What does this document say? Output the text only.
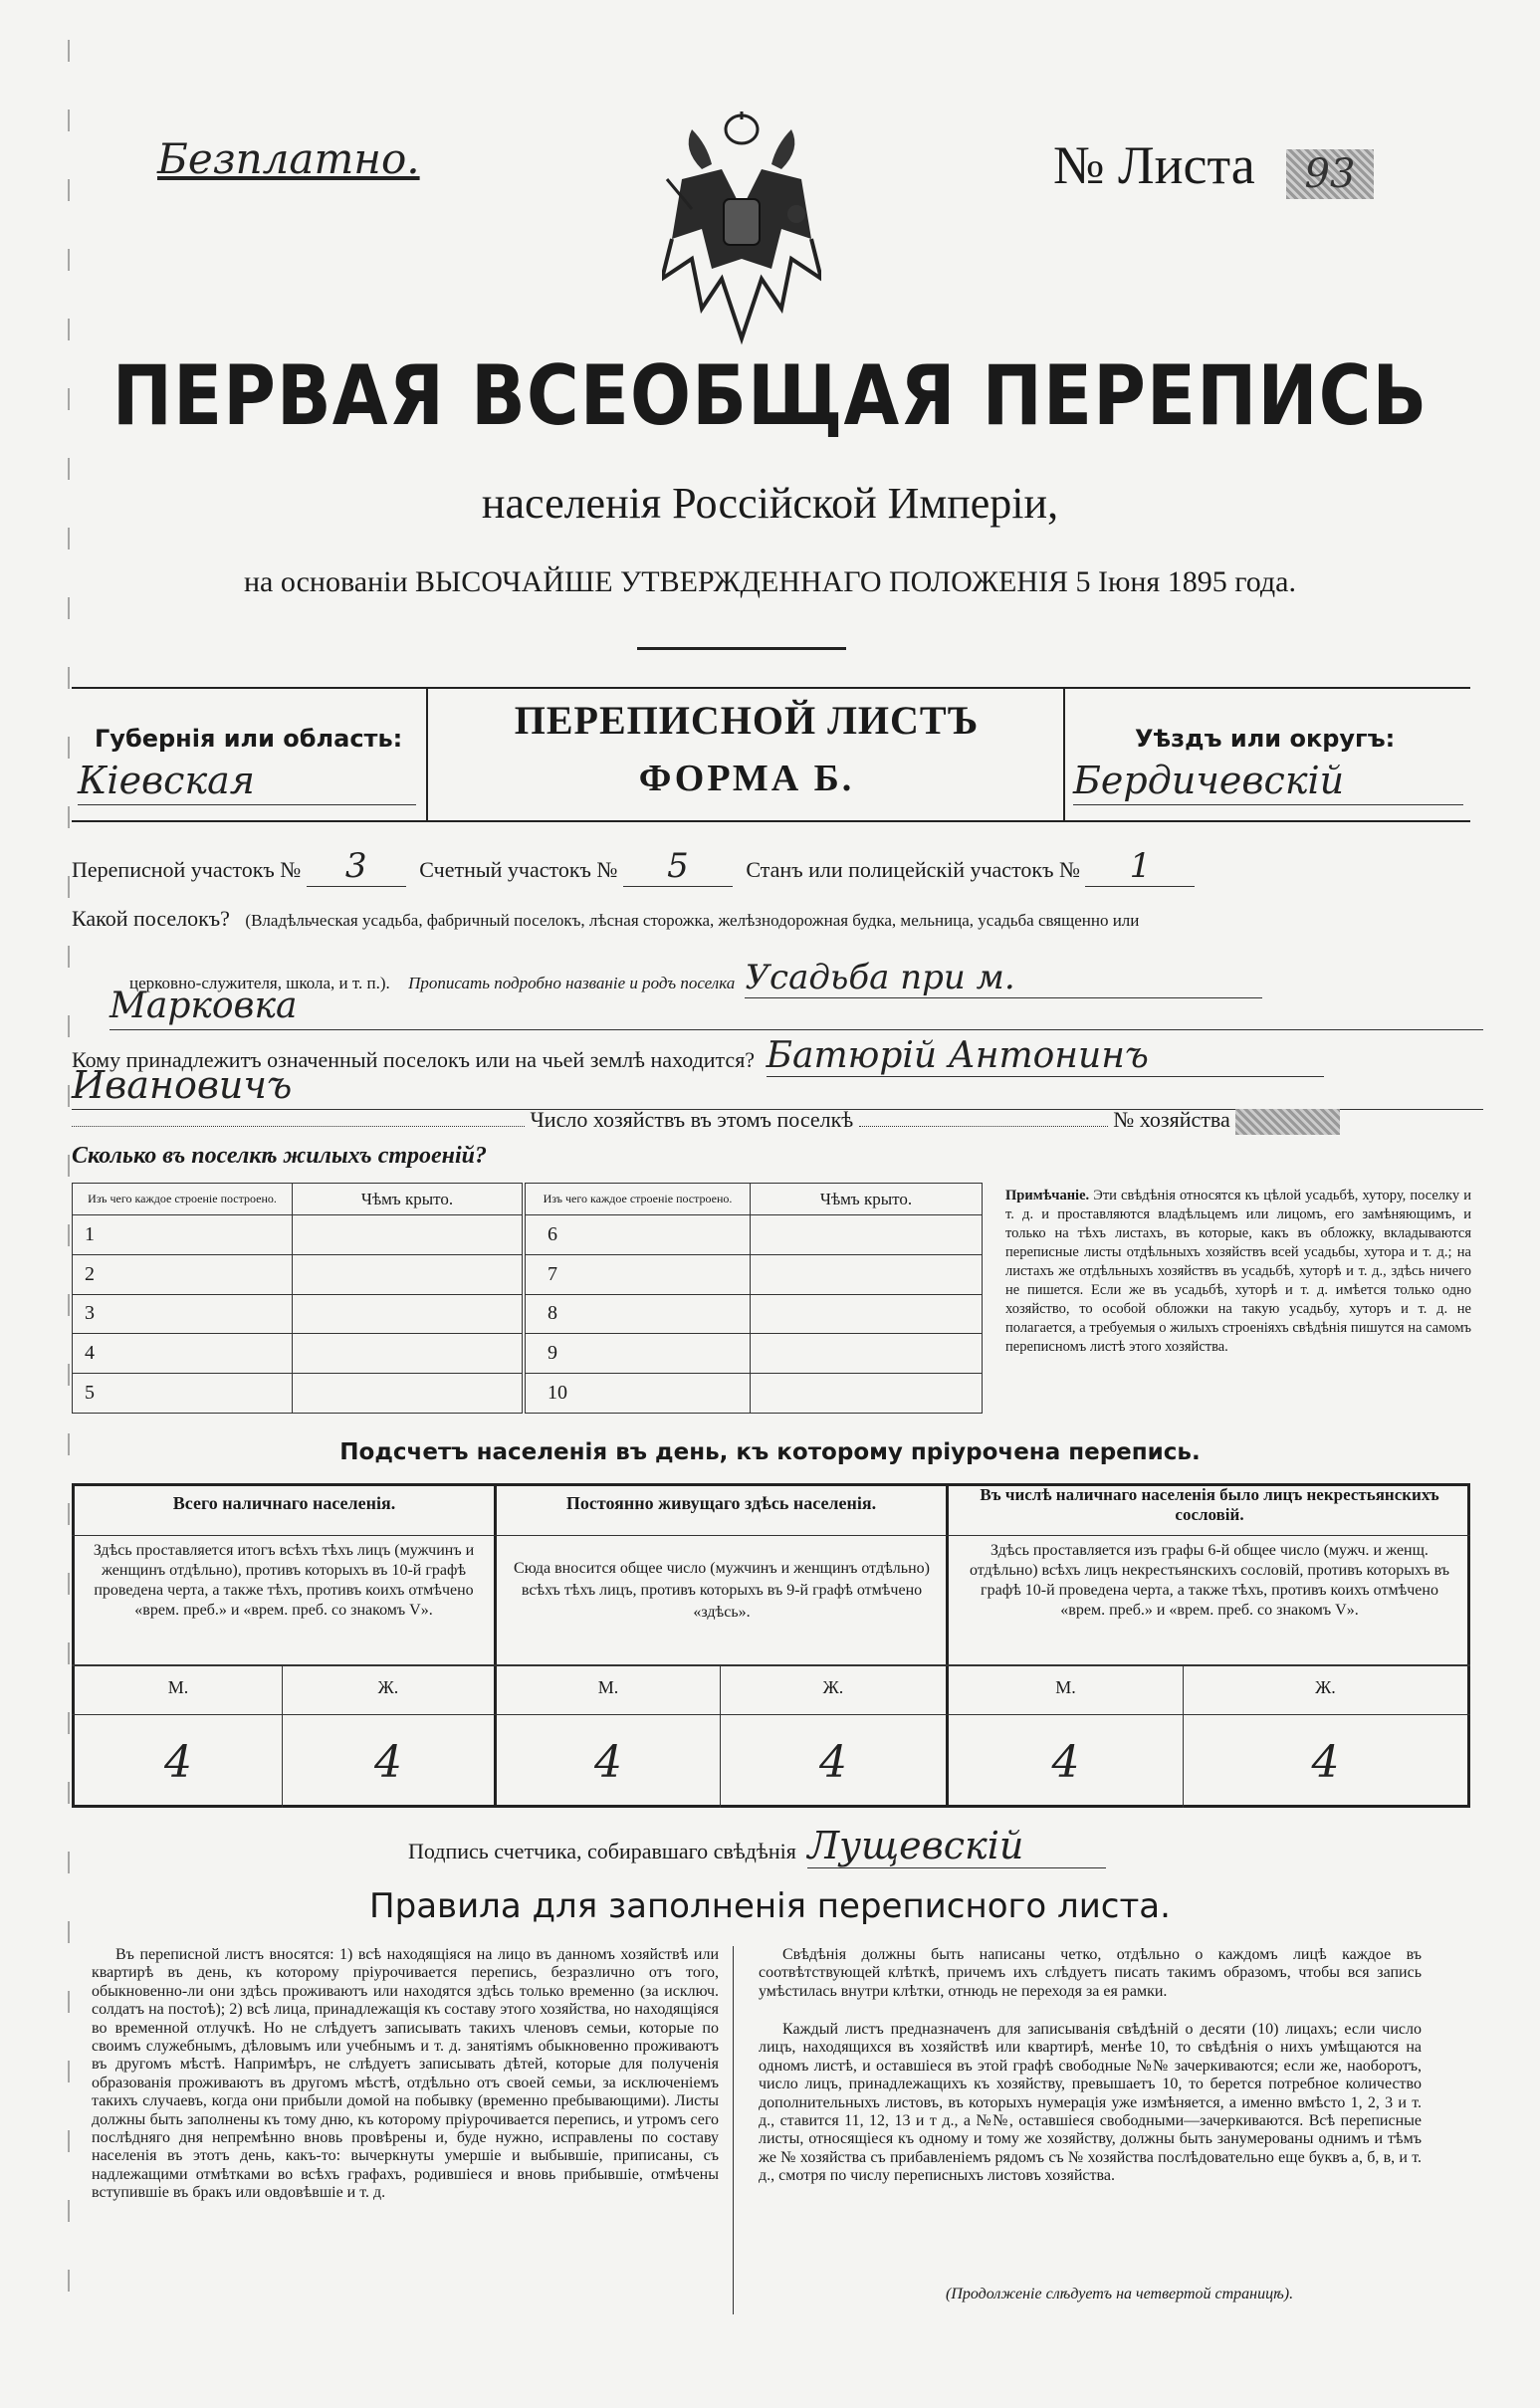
Безплатно.	№ Листа	93
ПЕРВАЯ ВСЕОБЩАЯ ПЕРЕПИСЬ
населенія Россійской Имперіи,
на основаніи ВЫСОЧАЙШЕ УТВЕРЖДЕННАГО ПОЛОЖЕНІЯ 5 Іюня 1895 года.
Губернія или область:
Кіевская
ПЕРЕПИСНОЙ ЛИСТЪ
ФОРМА Б.
Уѣздъ или округъ:
Бердичевскій
Переписной участокъ № 3 Счетный участокъ № 5	Станъ или полицейскій участокъ № 1
Какой поселокъ? (Владѣльческая усадьба, фабричный поселокъ, лѣсная сторожка, желѣзнодорожная будка, мельница, усадьба священно или
церковно-служителя, школа, и т. п.). Прописать подробно названіе и родъ поселка Усадьба при м.
Марковка
Кому принадлежитъ означенный поселокъ или на чьей землѣ находится? Батюрій Антонинъ
Ивановичъ
Число хозяйствъ въ этомъ поселкѣ	№ хозяйства
Сколько въ поселкѣ жилыхъ строеній?
Изъ чего каждое строеніе построено.	Чѣмъ крыто.	Изъ чего каждое строеніе построено.	Чѣмъ крыто.
1		6	
2		7	
3		8	
4		9	
5		10	
Примѣчаніе. Эти свѣдѣнія относятся къ цѣлой усадьбѣ, хутору, поселку и т. д. и проставляются владѣльцемъ или лицомъ, его замѣняющимъ, и только на тѣхъ листахъ, въ которые, какъ въ обложку, вкладываются переписные листы отдѣльныхъ хозяйствъ всей усадьбы, хутора и т. д.; на листахъ же отдѣльныхъ хозяйствъ въ усадьбѣ, хуторѣ и т. д., здѣсь ничего не пишется. Если же въ усадьбѣ, хуторѣ и т. д. имѣется только одно хозяйство, то особой обложки на такую усадьбу, хуторъ и т. д. не полагается, а требуемыя о жилыхъ строеніяхъ свѣдѣнія пишутся на самомъ переписномъ листѣ этого хозяйства.
Подсчетъ населенія въ день, къ которому пріурочена перепись.
Всего наличнаго населенія.	Постоянно живущаго здѣсь населенія.	Въ числѣ наличнаго населенія было лицъ некрестьянскихъ сословій.
Здѣсь проставляется итогъ всѣхъ тѣхъ лицъ (мужчинъ и женщинъ отдѣльно), противъ которыхъ въ 10-й графѣ проведена черта, а также тѣхъ, противъ коихъ отмѣчено «врем. преб.» и «врем. преб. со знакомъ V».
Сюда вносится общее число (мужчинъ и женщинъ отдѣльно) всѣхъ тѣхъ лицъ, противъ которыхъ въ 9-й графѣ отмѣчено «здѣсь».
Здѣсь проставляется изъ графы 6-й общее число (мужч. и женщ. отдѣльно) всѣхъ лицъ некрестьянскихъ сословій, противъ которыхъ въ графѣ 10-й проведена черта, а также тѣхъ, противъ коихъ отмѣчено «врем. преб.» и «врем. преб. со знакомъ V».
М.	Ж.	М.	Ж.	М.	Ж.
4	4	4	4	4	4
Подпись счетчика, собиравшаго свѣдѣнія Лущевскій
Правила для заполненія переписного листа.
Въ переписной листъ вносятся: 1) всѣ находящіяся на лицо въ данномъ хозяйствѣ или квартирѣ въ день, къ которому пріурочивается перепись, безразлично отъ того, обыкновенно-ли они здѣсь проживаютъ или находятся здѣсь только временно (за исключ. солдатъ на постоѣ); 2) всѣ лица, принадлежащія къ составу этого хозяйства, но находящіяся во временной отлучкѣ. Но не слѣдуетъ записывать такихъ членовъ семьи, которые по своимъ служебнымъ, дѣловымъ или учебнымъ и т. д. занятіямъ обыкновенно проживаютъ въ другомъ мѣстѣ. Напримѣръ, не слѣдуетъ записывать дѣтей, которые для полученія образованія проживаютъ въ другомъ мѣстѣ, отдѣльно отъ своей семьи, за исключеніемъ такихъ случаевъ, когда они прибыли домой на побывку (временно пребывающими). Листы должны быть заполнены къ тому дню, къ которому пріурочивается перепись, и утромъ сего послѣдняго дня непремѣнно вновь провѣрены и, буде нужно, исправлены по составу населенія въ этотъ день, какъ-то: вычеркнуты умершіе и выбывшіе, приписаны, съ надлежащими отмѣтками во всѣхъ графахъ, родившіеся и вновь прибывшіе, отмѣчены вступившіе въ бракъ или овдовѣвшіе и т. д.
Свѣдѣнія должны быть написаны четко, отдѣльно о каждомъ лицѣ каждое въ соотвѣтствующей клѣткѣ, причемъ ихъ слѣдуетъ писать такимъ образомъ, чтобы вся запись умѣстилась внутри клѣтки, отнюдь не переходя за ея рамки.
Каждый листъ предназначенъ для записыванія свѣдѣній о десяти (10) лицахъ; если число лицъ, находящихся въ хозяйствѣ или квартирѣ, менѣе 10, то свѣдѣнія о нихъ умѣщаются на одномъ листѣ, и оставшіеся въ этой графѣ свободные №№ зачеркиваются; если же, наоборотъ, число лицъ, принадлежащихъ къ хозяйству, превышаетъ 10, то берется потребное количество дополнительныхъ листовъ, въ которыхъ нумерація уже измѣняется, а именно вмѣсто 1, 2, 3 и т. д., ставится 11, 12, 13 и т д., а №№, оставшіеся свободными—зачеркиваются. Всѣ переписные листы, относящіеся къ одному и тому же хозяйству, должны быть занумерованы однимъ и тѣмъ же № хозяйства съ прибавленіемъ рядомъ съ № хозяйства послѣдовательно еще буквъ а, б, в, и т. д., смотря по числу переписныхъ листовъ хозяйства.
(Продолженіе слѣдуетъ на четвертой страницѣ).
